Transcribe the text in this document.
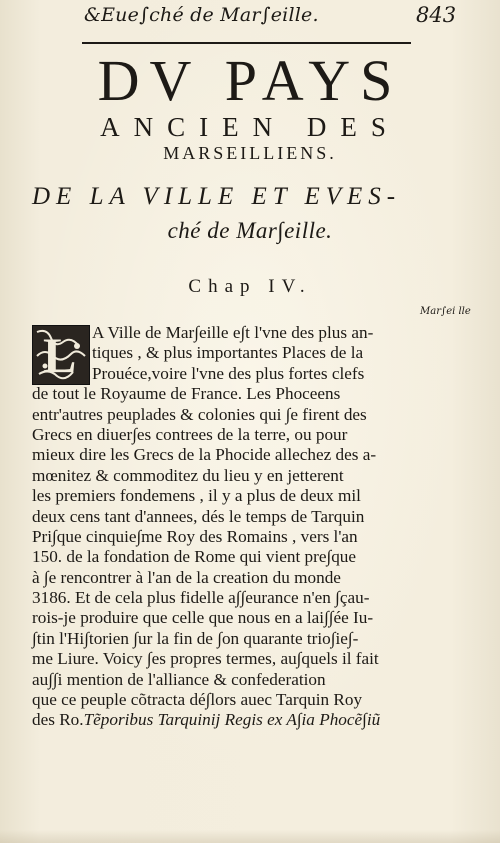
&Eue∫ché de Mar∫eille.	843
DV PAYS
ANCIEN DES
MARSEILLIENS.
DE LA VILLE ET EVES-
ché de Mar∫eille.
Chap IV.
Mar∫ei lle
L A Ville de Mar∫eille e∫t l'vne des plus an-
tiques , & plus importantes Places de la
Prouéce,voire l'vne des plus fortes clefs
de tout le Royaume de France. Les Phoceens
entr'autres peuplades & colonies qui ∫e firent des
Grecs en diuer∫es contrees de la terre, ou pour
mieux dire les Grecs de la Phocide allechez des a-
mœnitez & commoditez du lieu y en jetterent
les premiers fondemens , il y a plus de deux mil
deux cens tant d'annees, dés le temps de Tarquin
Pri∫que cinquie∫me Roy des Romains , vers l'an
150. de la fondation de Rome qui vient pre∫que
à ∫e rencontrer à l'an de la creation du monde
3186. Et de cela plus fidelle a∫∫eurance n'en ∫çau-
rois-je produire que celle que nous en a lai∫∫ée Iu-
∫tin l'Hi∫torien ∫ur la fin de ∫on quarante trio∫ie∫-
me Liure. Voicy ∫es propres termes, au∫quels il fait
au∫∫i mention de l'alliance & confederation
que ce peuple cõtracta dé∫lors auec Tarquin Roy
des Ro.Tẽporibus Tarquinij Regis ex A∫ia Phocẽ∫iũ
